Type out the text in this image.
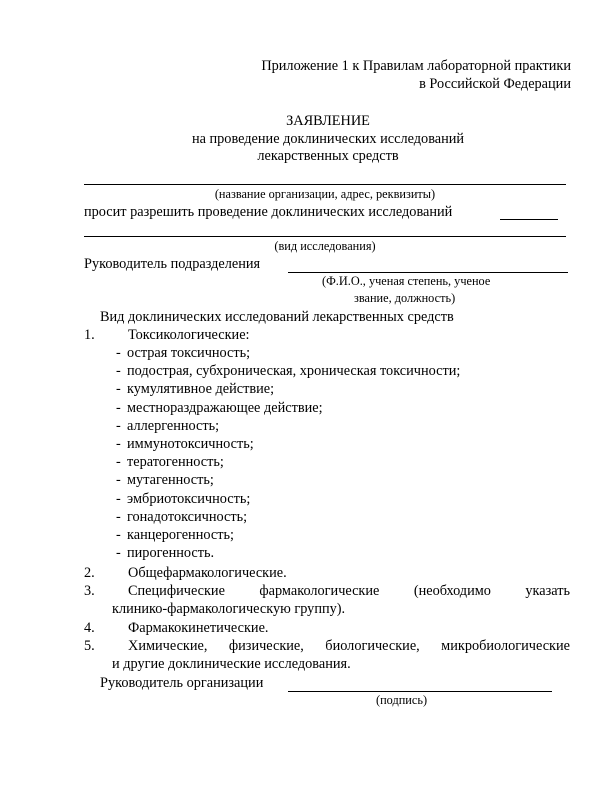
Приложение 1 к Правилам лабораторной практики
в Российской Федерации
ЗАЯВЛЕНИЕ
на проведение доклинических исследований
лекарственных средств
(название организации, адрес, реквизиты)
просит разрешить проведение доклинических исследований
(вид исследования)
Руководитель подразделения
(Ф.И.О., ученая степень, ученое
звание, должность)
Вид доклинических исследований лекарственных средств
1. Токсикологические:
- острая токсичность;
- подострая, субхроническая, хроническая токсичности;
- кумулятивное действие;
- местнораздражающее действие;
- аллергенность;
- иммунотоксичность;
- тератогенность;
- мутагенность;
- эмбриотоксичность;
- гонадотоксичность;
- канцерогенность;
- пирогенность.
2. Общефармакологические.
3. Специфические фармакологические (необходимо указать
клинико-фармакологическую группу).
4. Фармакокинетические.
5. Химические, физические, биологические, микробиологические
и другие доклинические исследования.
Руководитель организации
(подпись)
